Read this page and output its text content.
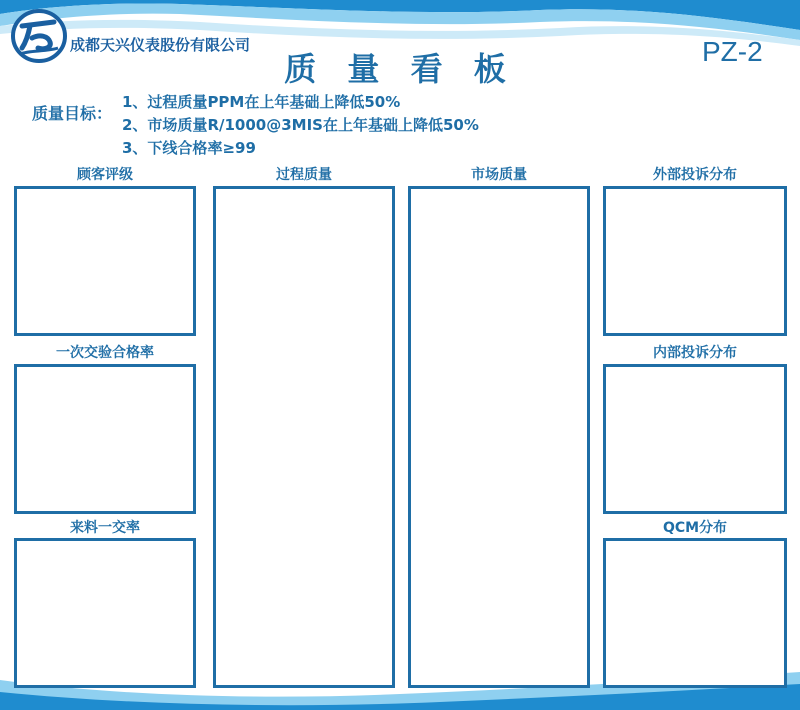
成都天兴仪表股份有限公司
质 量 看 板	PZ-2
质量目标：
1、过程质量PPM在上年基础上降低50%
2、市场质量R/1000@3MIS在上年基础上降低50%
3、下线合格率≥99
顾客评级
一次交验合格率
来料一交率
过程质量	市场质量	外部投诉分布
内部投诉分布
QCM分布
